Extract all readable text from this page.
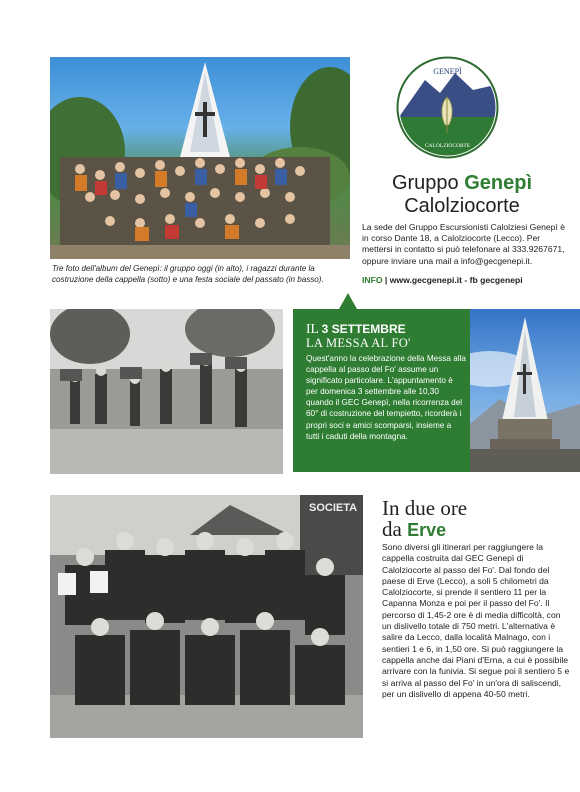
Tre foto dell'album del Genepì: il gruppo oggi (in alto), i ragazzi durante la costruzione della cappella (sotto) e una festa sociale del passato (in basso).
GENEPÌ
CALOLZIOCORTE
Gruppo Genepì
Calolziocorte
La sede del Gruppo Escursionisti Calolziesi Genepì è in corso Dante 18, a Calolziocorte (Lecco). Per mettersi in contatto si può telefonare al 333.9267671, oppure inviare una mail a info@gecgenepi.it.
INFO | www.gecgenepi.it - fb gecgenepi
IL 3 SETTEMBRE
LA MESSA AL FO'
Quest'anno la celebrazione della Messa alla cappella al passo del Fo' assume un significato particolare. L'appuntamento è per domenica 3 settembre alle 10,30 quando il GEC Genepì, nella ricorrenza del 60° di costruzione del tempietto, ricorderà i propri soci e amici scomparsi, insieme a tutti i caduti della montagna.
SOCIETA In due ore
da Erve
Sono diversi gli itinerari per raggiungere la cappella costruita dal GEC Genepì di Calolziocorte al passo del Fo'. Dal fondo del paese di Erve (Lecco), a soli 5 chilometri da Calolziocorte, si prende il sentiero 11 per la Capanna Monza e poi per il passo del Fo'. Il percorso di 1,45-2 ore è di media difficoltà, con un dislivello totale di 750 metri. L'alternativa è salire da Lecco, dalla località Malnago, con i sentieri 1 e 6, in 1,50 ore. Si può raggiungere la cappella anche dai Piani d'Erna, a cui è possibile arrivare con la funivia. Si segue poi il sentiero 5 e si arriva al passo del Fo' in un'ora di saliscendi, per un dislivello di appena 40-50 metri.
